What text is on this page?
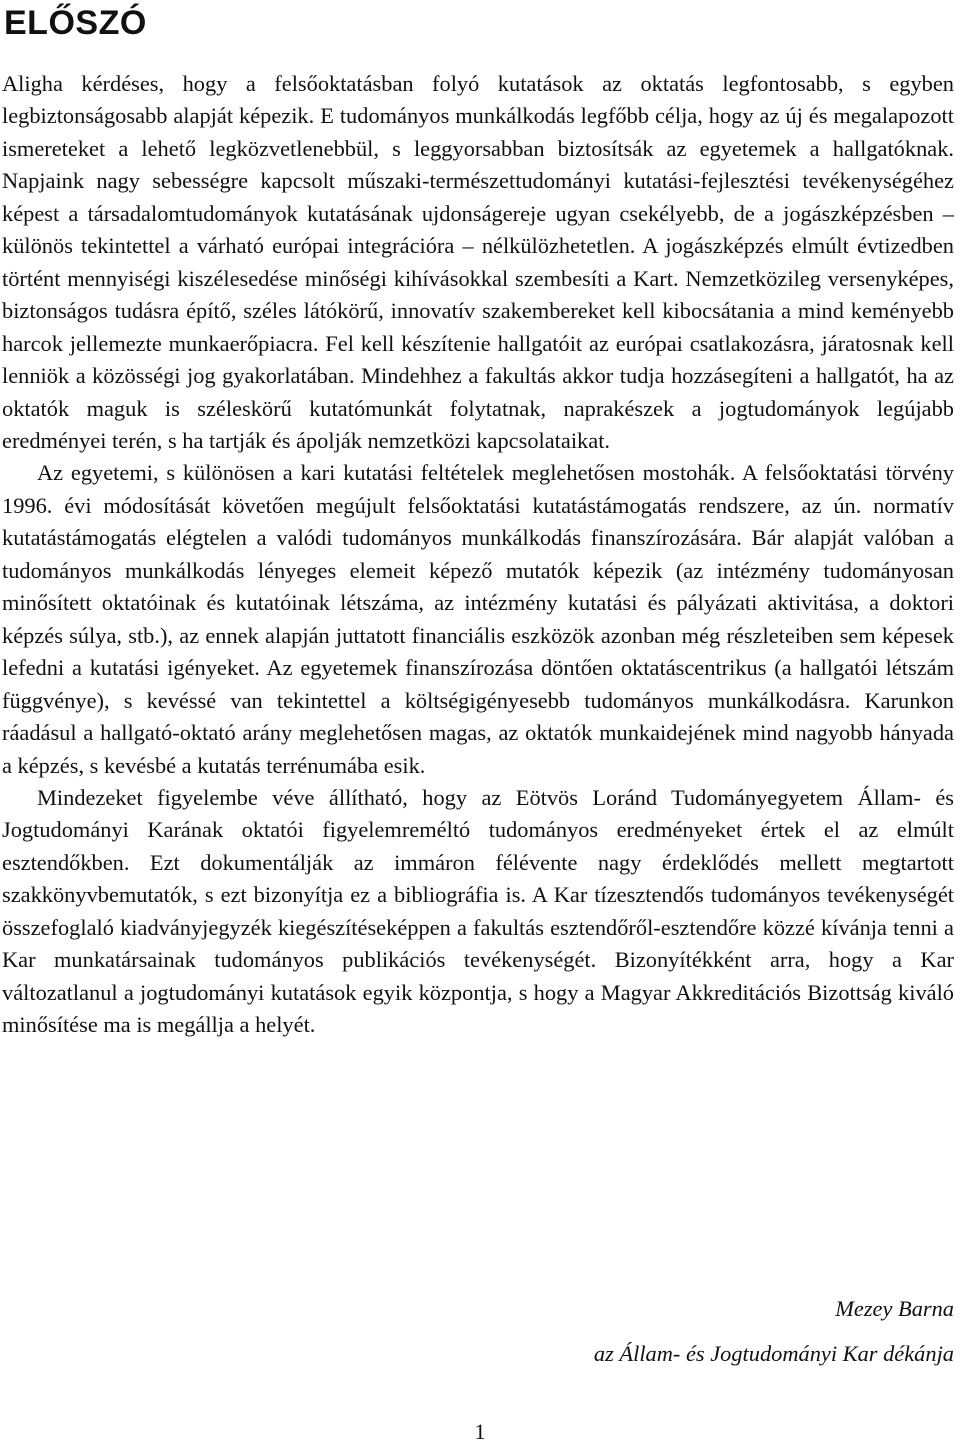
ELŐSZÓ

Aligha kérdéses, hogy a felsőoktatásban folyó kutatások az oktatás legfontosabb, s egyben legbiztonságosabb alapját képezik. E tudományos munkálkodás legfőbb célja, hogy az új és megalapozott ismereteket a lehető legközvetlenebbül, s leggyorsabban biztosítsák az egyetemek a hallgatóknak. Napjaink nagy sebességre kapcsolt műszaki-természettudományi kutatási-fejlesztési tevékenységéhez képest a társadalomtudományok kutatásának ujdonságereje ugyan csekélyebb, de a jogászképzésben – különös tekintettel a várható európai integrációra – nélkülözhetetlen. A jogászképzés elmúlt évtizedben történt mennyiségi kiszélesedése minőségi kihívásokkal szembesíti a Kart. Nemzetközileg versenyképes, biztonságos tudásra építő, széles látókörű, innovatív szakembereket kell kibocsátania a mind keményebb harcok jellemezte munkaerőpiacra. Fel kell készítenie hallgatóit az európai csatlakozásra, járatosnak kell lenniök a közösségi jog gyakorlatában. Mindehhez a fakultás akkor tudja hozzásegíteni a hallgatót, ha az oktatók maguk is széleskörű kutatómunkát folytatnak, naprakészek a jogtudományok legújabb eredményei terén, s ha tartják és ápolják nemzetközi kapcsolataikat.

Az egyetemi, s különösen a kari kutatási feltételek meglehetősen mostohák. A felsőoktatási törvény 1996. évi módosítását követően megújult felsőoktatási kutatástámogatás rendszere, az ún. normatív kutatástámogatás elégtelen a valódi tudományos munkálkodás finanszírozására. Bár alapját valóban a tudományos munkálkodás lényeges elemeit képező mutatók képezik (az intézmény tudományosan minősített oktatóinak és kutatóinak létszáma, az intézmény kutatási és pályázati aktivitása, a doktori képzés súlya, stb.), az ennek alapján juttatott financiális eszközök azonban még részleteiben sem képesek lefedni a kutatási igényeket. Az egyetemek finanszírozása döntően oktatáscentrikus (a hallgatói létszám függvénye), s kevéssé van tekintettel a költségigényesebb tudományos munkálkodásra. Karunkon ráadásul a hallgató-oktató arány meglehetősen magas, az oktatók munkaidejének mind nagyobb hányada a képzés, s kevésbé a kutatás terrénumába esik.

Mindezeket figyelembe véve állítható, hogy az Eötvös Loránd Tudományegyetem Állam- és Jogtudományi Karának oktatói figyelemreméltó tudományos eredményeket értek el az elmúlt esztendőkben. Ezt dokumentálják az immáron félévente nagy érdeklődés mellett megtartott szakkönyvbemutatók, s ezt bizonyítja ez a bibliográfia is. A Kar tízesztendős tudományos tevékenységét összefoglaló kiadványjegyzék kiegészítéseképpen a fakultás esztendőről-esztendőre közzé kívánja tenni a Kar munkatársainak tudományos publikációs tevékenységét. Bizonyítékként arra, hogy a Kar változatlanul a jogtudományi kutatások egyik központja, s hogy a Magyar Akkreditációs Bizottság kiváló minősítése ma is megállja a helyét.

Mezey Barna
az Állam- és Jogtudományi Kar dékánja
1
